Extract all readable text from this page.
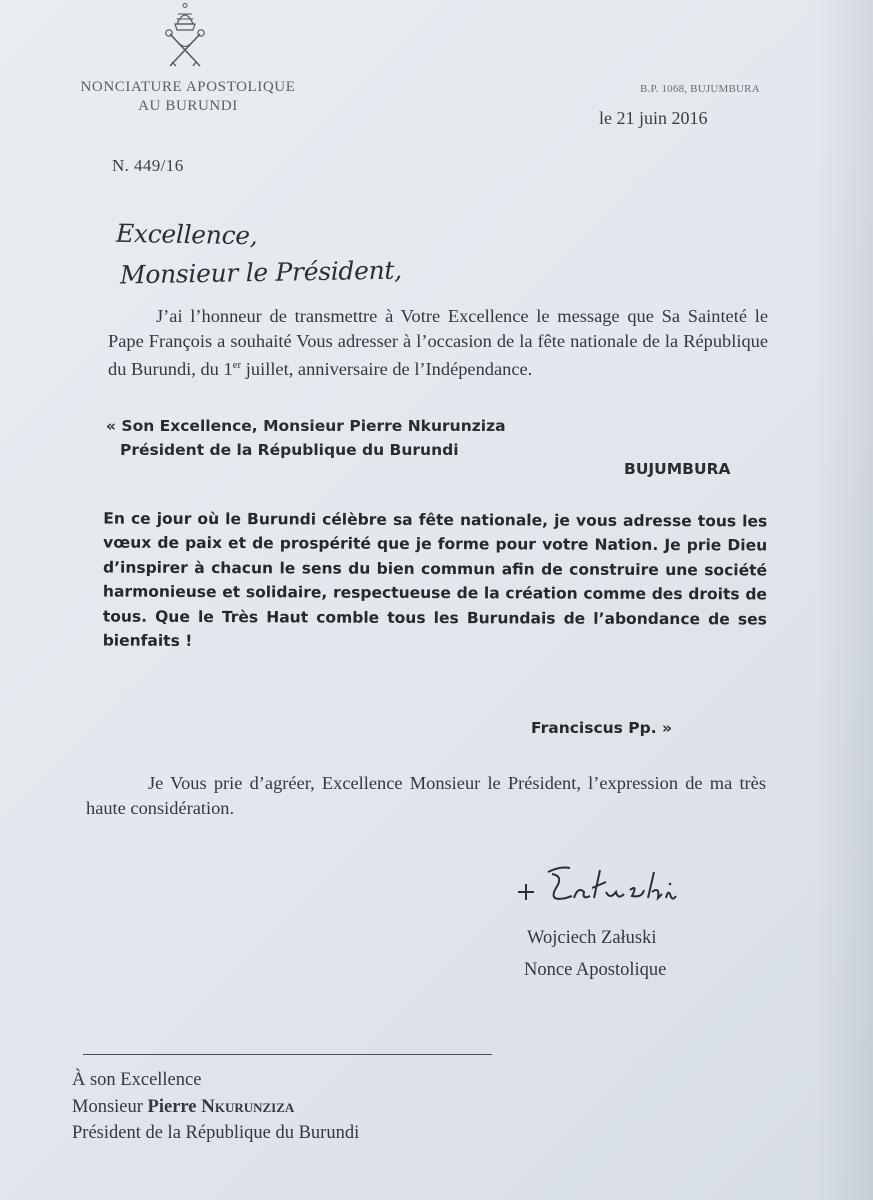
NONCIATURE APOSTOLIQUE
AU BURUNDI
B.P. 1068, BUJUMBURA
le 21 juin 2016
N. 449/16
Excellence,
Monsieur le Président,
J’ai l’honneur de transmettre à Votre Excellence le message que Sa Sainteté le Pape François a souhaité Vous adresser à l’occasion de la fête nationale de la République du Burundi, du 1er juillet, anniversaire de l’Indépendance.
« Son Excellence, Monsieur Pierre Nkurunziza
Président de la République du Burundi
BUJUMBURA
En ce jour où le Burundi célèbre sa fête nationale, je vous adresse tous les vœux de paix et de prospérité que je forme pour votre Nation. Je prie Dieu d’inspirer à chacun le sens du bien commun afin de construire une société harmonieuse et solidaire, respectueuse de la création comme des droits de tous. Que le Très Haut comble tous les Burundais de l’abondance de ses bienfaits !
Franciscus Pp. »
Je Vous prie d’agréer, Excellence Monsieur le Président, l’expression de ma très haute considération.
Wojciech Załuski
Nonce Apostolique
À son Excellence
Monsieur Pierre Nkurunziza
Président de la République du Burundi
